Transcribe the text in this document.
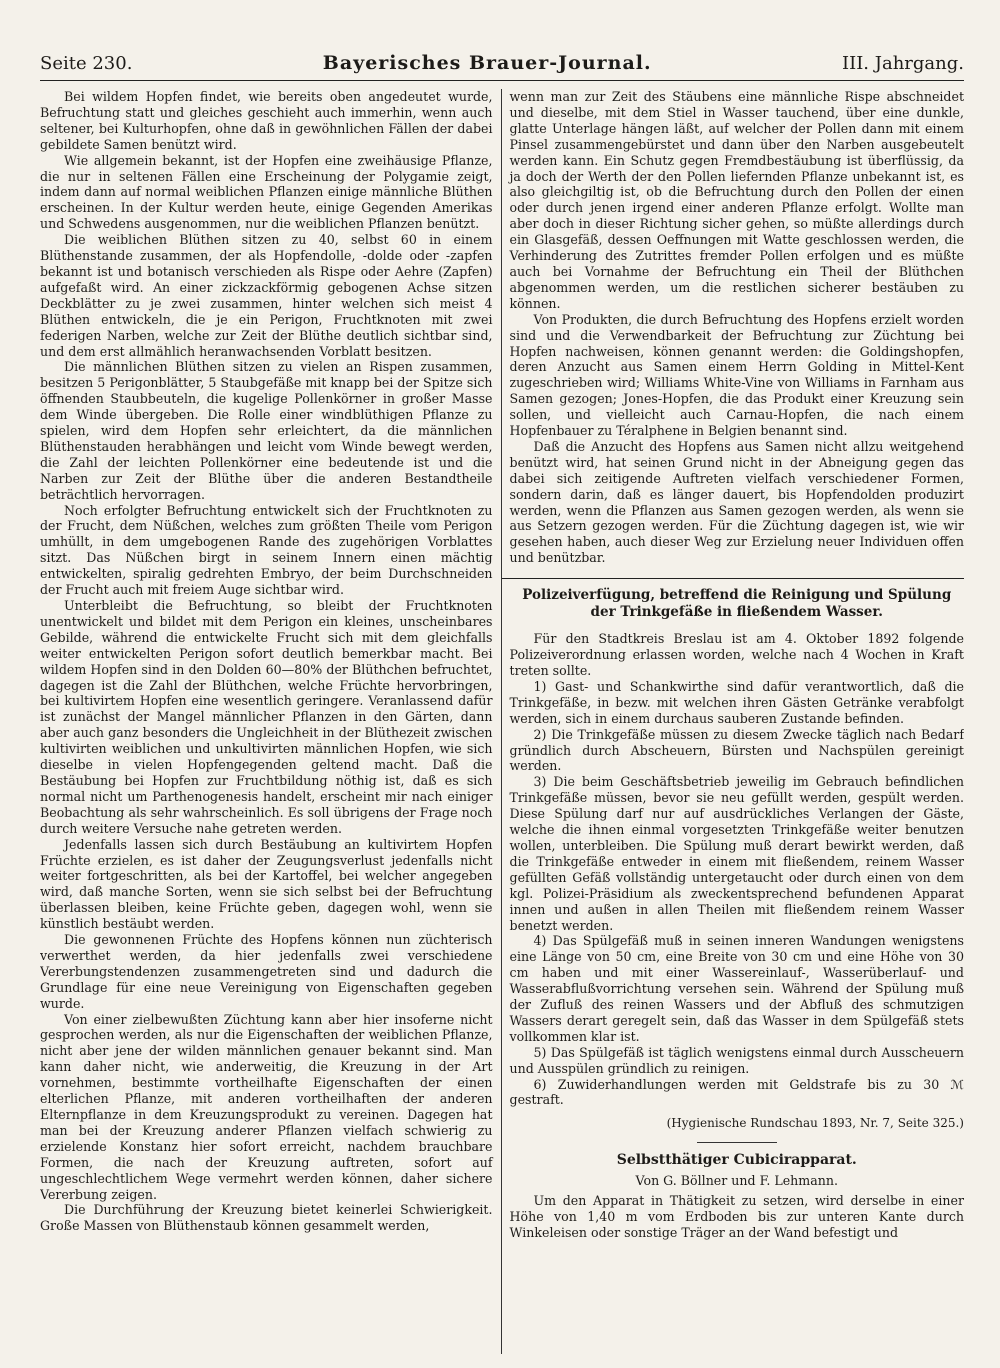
Seite 230.	Bayerisches Brauer-Journal.	III. Jahrgang.

Bei wildem Hopfen findet, wie bereits oben angedeutet wurde, Befruchtung statt und gleiches geschieht auch immerhin, wenn auch seltener, bei Kulturhopfen, ohne daß in gewöhnlichen Fällen der dabei gebildete Samen benützt wird.

Wie allgemein bekannt, ist der Hopfen eine zweihäusige Pflanze, die nur in seltenen Fällen eine Erscheinung der Polygamie zeigt, indem dann auf normal weiblichen Pflanzen einige männliche Blüthen erscheinen. In der Kultur werden heute, einige Gegenden Amerikas und Schwedens ausgenommen, nur die weiblichen Pflanzen benützt.

Die weiblichen Blüthen sitzen zu 40, selbst 60 in einem Blüthenstande zusammen, der als Hopfendolle, -dolde oder -zapfen bekannt ist und botanisch verschieden als Rispe oder Aehre (Zapfen) aufgefaßt wird. An einer zickzackförmig gebogenen Achse sitzen Deckblätter zu je zwei zusammen, hinter welchen sich meist 4 Blüthen entwickeln, die je ein Perigon, Fruchtknoten mit zwei federigen Narben, welche zur Zeit der Blüthe deutlich sichtbar sind, und dem erst allmählich heranwachsenden Vorblatt besitzen.

Die männlichen Blüthen sitzen zu vielen an Rispen zusammen, besitzen 5 Perigonblätter, 5 Staubgefäße mit knapp bei der Spitze sich öffnenden Staubbeuteln, die kugelige Pollenkörner in großer Masse dem Winde übergeben. Die Rolle einer windblüthigen Pflanze zu spielen, wird dem Hopfen sehr erleichtert, da die männlichen Blüthenstauden herabhängen und leicht vom Winde bewegt werden, die Zahl der leichten Pollenkörner eine bedeutende ist und die Narben zur Zeit der Blüthe über die anderen Bestandtheile beträchtlich hervorragen.

Noch erfolgter Befruchtung entwickelt sich der Fruchtknoten zu der Frucht, dem Nüßchen, welches zum größten Theile vom Perigon umhüllt, in dem umgebogenen Rande des zugehörigen Vorblattes sitzt. Das Nüßchen birgt in seinem Innern einen mächtig entwickelten, spiralig gedrehten Embryo, der beim Durchschneiden der Frucht auch mit freiem Auge sichtbar wird.

Unterbleibt die Befruchtung, so bleibt der Fruchtknoten unentwickelt und bildet mit dem Perigon ein kleines, unscheinbares Gebilde, während die entwickelte Frucht sich mit dem gleichfalls weiter entwickelten Perigon sofort deutlich bemerkbar macht. Bei wildem Hopfen sind in den Dolden 60—80% der Blüthchen befruchtet, dagegen ist die Zahl der Blüthchen, welche Früchte hervorbringen, bei kultivirtem Hopfen eine wesentlich geringere. Veranlassend dafür ist zunächst der Mangel männlicher Pflanzen in den Gärten, dann aber auch ganz besonders die Ungleichheit in der Blüthezeit zwischen kultivirten weiblichen und unkultivirten männlichen Hopfen, wie sich dieselbe in vielen Hopfengegenden geltend macht. Daß die Bestäubung bei Hopfen zur Fruchtbildung nöthig ist, daß es sich normal nicht um Parthenogenesis handelt, erscheint mir nach einiger Beobachtung als sehr wahrscheinlich. Es soll übrigens der Frage noch durch weitere Versuche nahe getreten werden.

Jedenfalls lassen sich durch Bestäubung an kultivirtem Hopfen Früchte erzielen, es ist daher der Zeugungsverlust jedenfalls nicht weiter fortgeschritten, als bei der Kartoffel, bei welcher angegeben wird, daß manche Sorten, wenn sie sich selbst bei der Befruchtung überlassen bleiben, keine Früchte geben, dagegen wohl, wenn sie künstlich bestäubt werden.

Die gewonnenen Früchte des Hopfens können nun züchterisch verwerthet werden, da hier jedenfalls zwei verschiedene Vererbungstendenzen zusammengetreten sind und dadurch die Grundlage für eine neue Vereinigung von Eigenschaften gegeben wurde.

Von einer zielbewußten Züchtung kann aber hier insoferne nicht gesprochen werden, als nur die Eigenschaften der weiblichen Pflanze, nicht aber jene der wilden männlichen genauer bekannt sind. Man kann daher nicht, wie anderweitig, die Kreuzung in der Art vornehmen, bestimmte vortheilhafte Eigenschaften der einen elterlichen Pflanze, mit anderen vortheilhaften der anderen Elternpflanze in dem Kreuzungsprodukt zu vereinen. Dagegen hat man bei der Kreuzung anderer Pflanzen vielfach schwierig zu erzielende Konstanz hier sofort erreicht, nachdem brauchbare Formen, die nach der Kreuzung auftreten, sofort auf ungeschlechtlichem Wege vermehrt werden können, daher sichere Vererbung zeigen.

Die Durchführung der Kreuzung bietet keinerlei Schwierigkeit. Große Massen von Blüthenstaub können gesammelt werden,

wenn man zur Zeit des Stäubens eine männliche Rispe abschneidet und dieselbe, mit dem Stiel in Wasser tauchend, über eine dunkle, glatte Unterlage hängen läßt, auf welcher der Pollen dann mit einem Pinsel zusammengebürstet und dann über den Narben ausgebeutelt werden kann. Ein Schutz gegen Fremdbestäubung ist überflüssig, da ja doch der Werth der den Pollen liefernden Pflanze unbekannt ist, es also gleichgiltig ist, ob die Befruchtung durch den Pollen der einen oder durch jenen irgend einer anderen Pflanze erfolgt. Wollte man aber doch in dieser Richtung sicher gehen, so müßte allerdings durch ein Glasgefäß, dessen Oeffnungen mit Watte geschlossen werden, die Verhinderung des Zutrittes fremder Pollen erfolgen und es müßte auch bei Vornahme der Befruchtung ein Theil der Blüthchen abgenommen werden, um die restlichen sicherer bestäuben zu können.

Von Produkten, die durch Befruchtung des Hopfens erzielt worden sind und die Verwendbarkeit der Befruchtung zur Züchtung bei Hopfen nachweisen, können genannt werden: die Goldingshopfen, deren Anzucht aus Samen einem Herrn Golding in Mittel-Kent zugeschrieben wird; Williams White-Vine von Williams in Farnham aus Samen gezogen; Jones-Hopfen, die das Produkt einer Kreuzung sein sollen, und vielleicht auch Carnau-Hopfen, die nach einem Hopfenbauer zu Téralphene in Belgien benannt sind.

Daß die Anzucht des Hopfens aus Samen nicht allzu weitgehend benützt wird, hat seinen Grund nicht in der Abneigung gegen das dabei sich zeitigende Auftreten vielfach verschiedener Formen, sondern darin, daß es länger dauert, bis Hopfendolden produzirt werden, wenn die Pflanzen aus Samen gezogen werden, als wenn sie aus Setzern gezogen werden. Für die Züchtung dagegen ist, wie wir gesehen haben, auch dieser Weg zur Erzielung neuer Individuen offen und benützbar.

Polizeiverfügung, betreffend die Reinigung und Spülung der Trinkgefäße in fließendem Wasser.

Für den Stadtkreis Breslau ist am 4. Oktober 1892 folgende Polizeiverordnung erlassen worden, welche nach 4 Wochen in Kraft treten sollte.

1) Gast- und Schankwirthe sind dafür verantwortlich, daß die Trinkgefäße, in bezw. mit welchen ihren Gästen Getränke verabfolgt werden, sich in einem durchaus sauberen Zustande befinden.

2) Die Trinkgefäße müssen zu diesem Zwecke täglich nach Bedarf gründlich durch Abscheuern, Bürsten und Nachspülen gereinigt werden.

3) Die beim Geschäftsbetrieb jeweilig im Gebrauch befindlichen Trinkgefäße müssen, bevor sie neu gefüllt werden, gespült werden. Diese Spülung darf nur auf ausdrückliches Verlangen der Gäste, welche die ihnen einmal vorgesetzten Trinkgefäße weiter benutzen wollen, unterbleiben. Die Spülung muß derart bewirkt werden, daß die Trinkgefäße entweder in einem mit fließendem, reinem Wasser gefüllten Gefäß vollständig untergetaucht oder durch einen von dem kgl. Polizei-Präsidium als zweckentsprechend befundenen Apparat innen und außen in allen Theilen mit fließendem reinem Wasser benetzt werden.

4) Das Spülgefäß muß in seinen inneren Wandungen wenigstens eine Länge von 50 cm, eine Breite von 30 cm und eine Höhe von 30 cm haben und mit einer Wassereinlauf-, Wasserüberlauf- und Wasserabflußvorrichtung versehen sein. Während der Spülung muß der Zufluß des reinen Wassers und der Abfluß des schmutzigen Wassers derart geregelt sein, daß das Wasser in dem Spülgefäß stets vollkommen klar ist.

5) Das Spülgefäß ist täglich wenigstens einmal durch Ausscheuern und Ausspülen gründlich zu reinigen.

6) Zuwiderhandlungen werden mit Geldstrafe bis zu 30 ℳ gestraft.

(Hygienische Rundschau 1893, Nr. 7, Seite 325.)
Selbstthätiger Cubicirapparat.
Von G. Böllner und F. Lehmann.

Um den Apparat in Thätigkeit zu setzen, wird derselbe in einer Höhe von 1,40 m vom Erdboden bis zur unteren Kante durch Winkeleisen oder sonstige Träger an der Wand befestigt und
